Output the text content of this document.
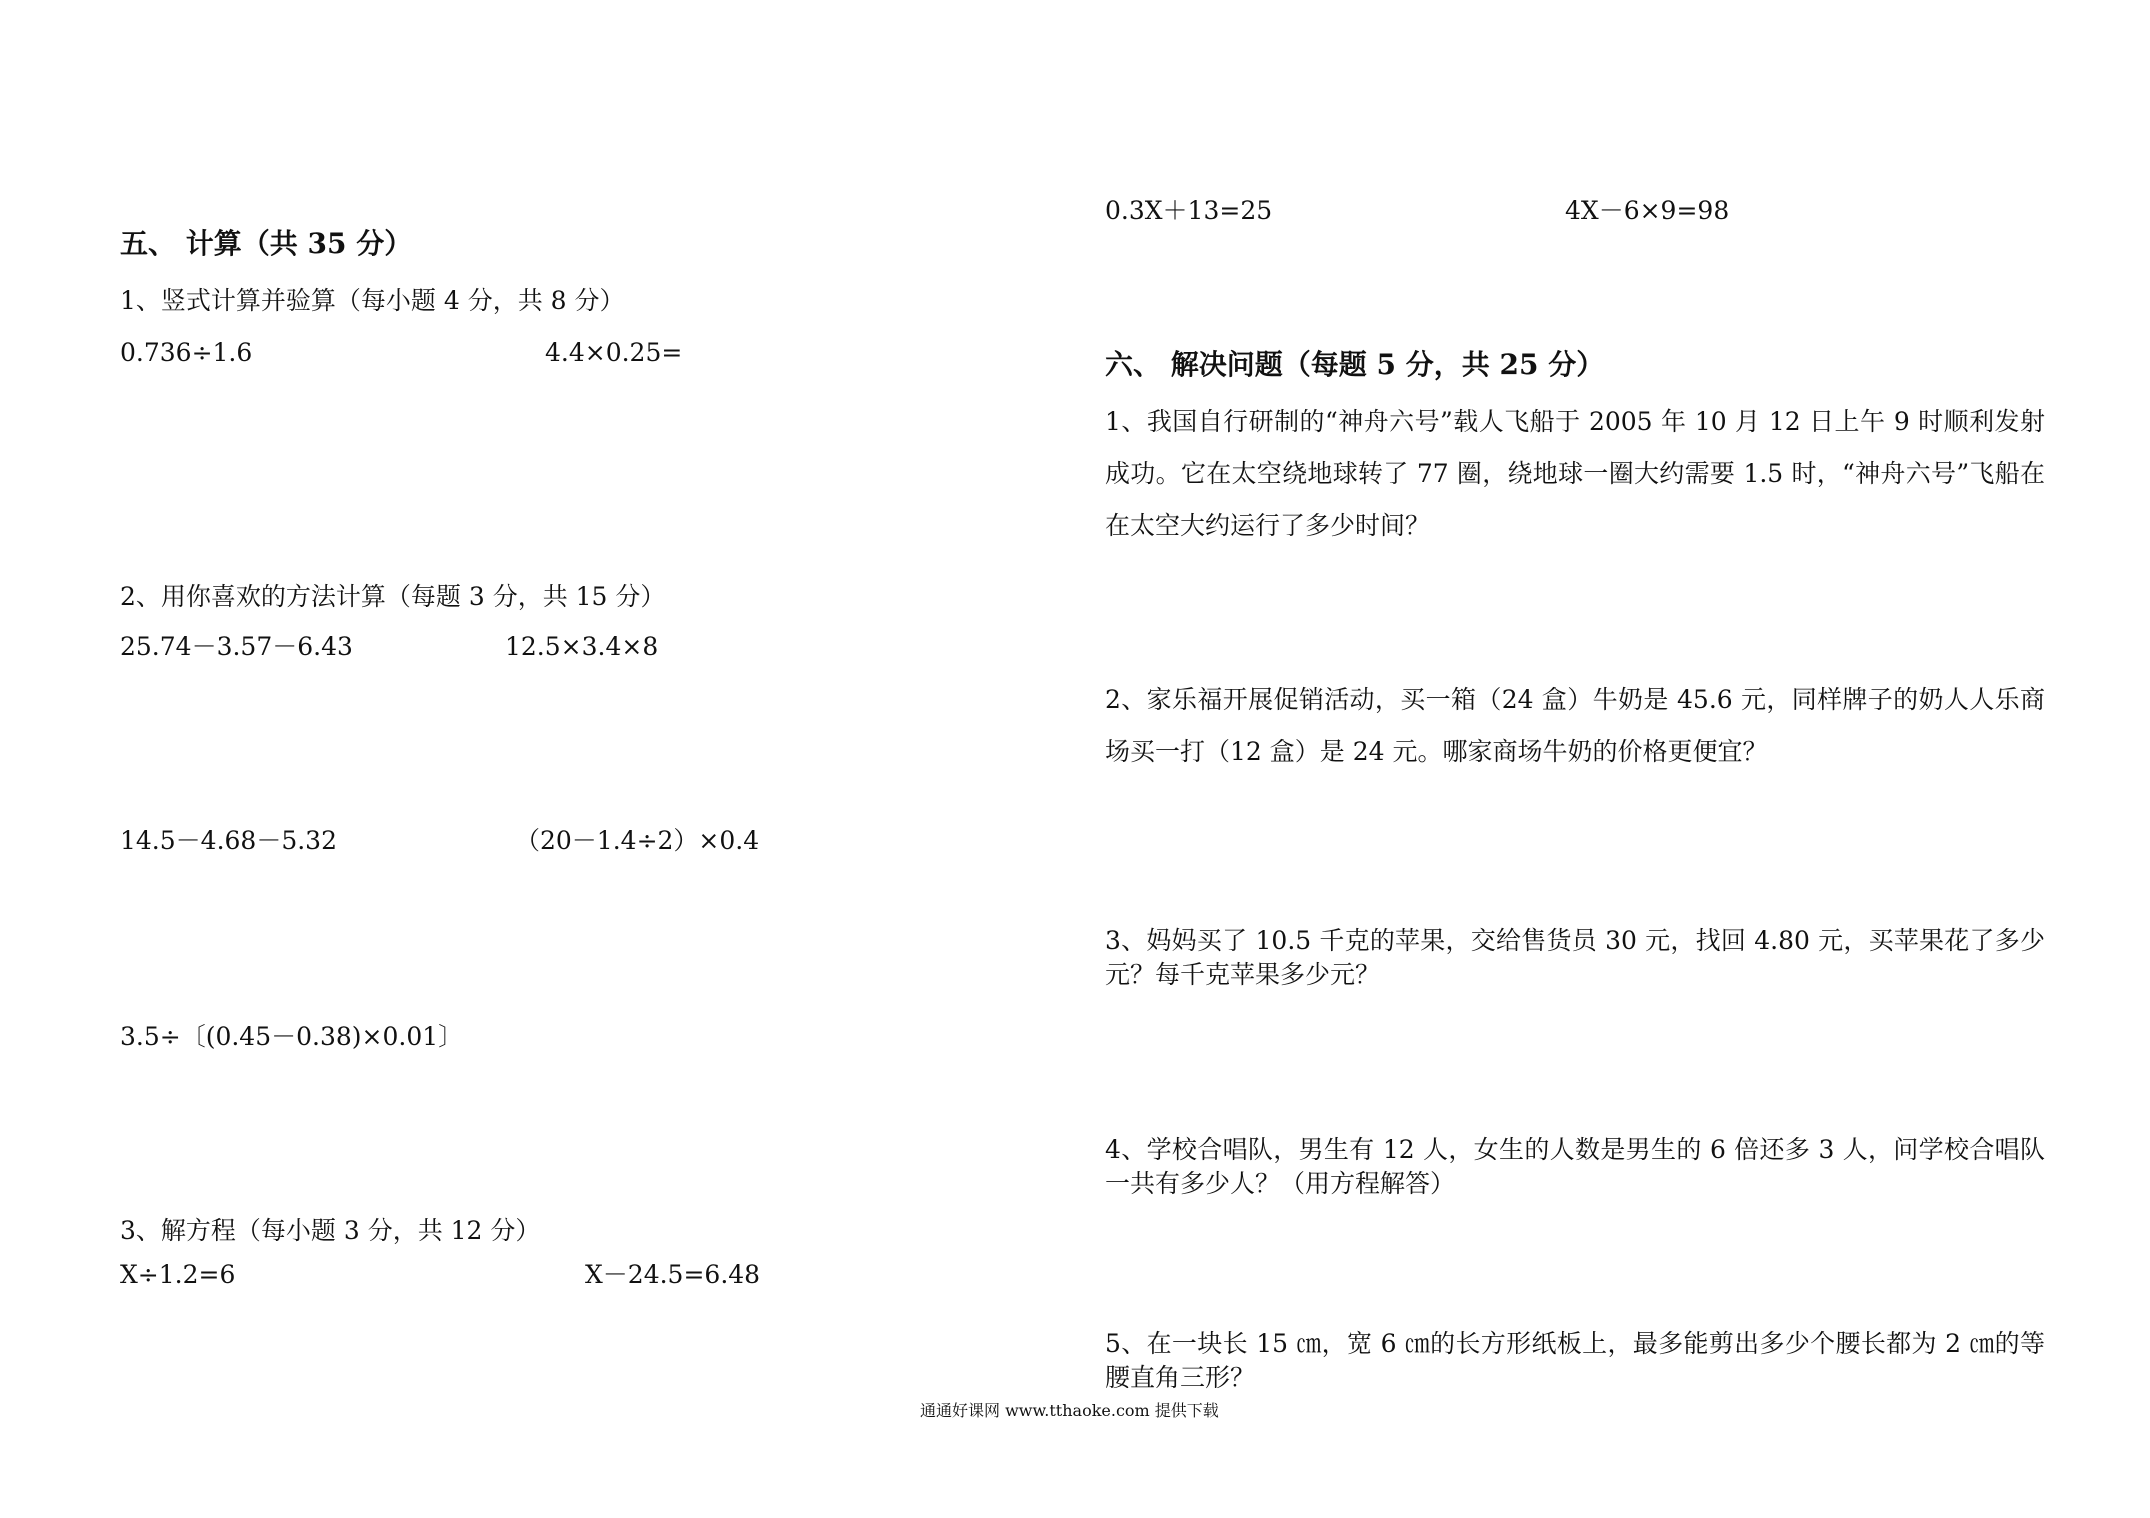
五、 计算（共 35 分）
1、竖式计算并验算（每小题 4 分，共 8 分）
0.736÷1.6	4.4×0.25=
2、用你喜欢的方法计算（每题 3 分，共 15 分）
25.74－3.57－6.43	12.5×3.4×8
14.5－4.68－5.32	（20－1.4÷2）×0.4
3.5÷〔(0.45－0.38)×0.01〕
3、解方程（每小题 3 分，共 12 分）
X÷1.2=6	X－24.5=6.48
0.3X＋13=25	4X－6×9=98
六、 解决问题（每题 5 分，共 25 分）
1、我国自行研制的“神舟六号”载人飞船于 2005 年 10 月 12 日上午 9 时顺利发射成功。它在太空绕地球转了 77 圈，绕地球一圈大约需要 1.5 时，“神舟六号”飞船在在太空大约运行了多少时间？
2、家乐福开展促销活动，买一箱（24 盒）牛奶是 45.6 元，同样牌子的奶人人乐商场买一打（12 盒）是 24 元。哪家商场牛奶的价格更便宜？
3、妈妈买了 10.5 千克的苹果，交给售货员 30 元，找回 4.80 元，买苹果花了多少元？每千克苹果多少元？
4、学校合唱队，男生有 12 人，女生的人数是男生的 6 倍还多 3 人，问学校合唱队一共有多少人？（用方程解答）
5、在一块长 15 ㎝，宽 6 ㎝的长方形纸板上，最多能剪出多少个腰长都为 2 ㎝的等腰直角三形？
通通好课网 www.tthaoke.com 提供下载
